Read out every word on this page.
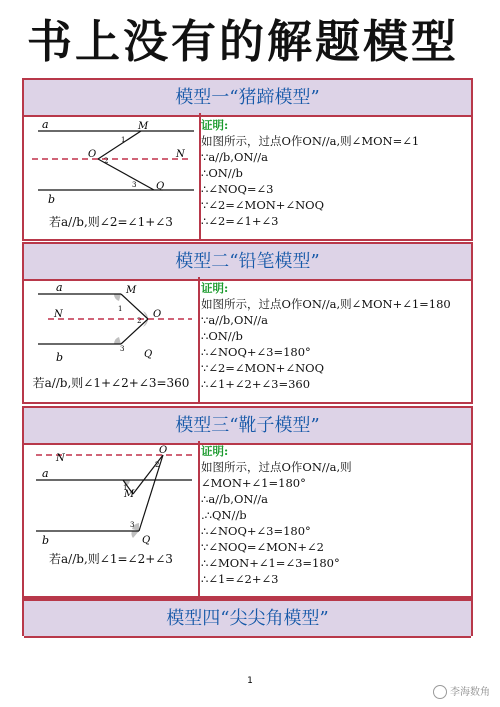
书上没有的解题模型
模型一“猪蹄模型”
a
b
M
N
O
Q
1
2
3
若a//b,则∠2=∠1+∠3
证明:
如图所示，过点O作ON//a,则∠MON=∠1
∵a//b,ON//a
∴ON//b
∴∠NOQ=∠3
∵∠2=∠MON+∠NOQ
∴∠2=∠1+∠3
模型二“铅笔模型”
a
b
M
N	O
Q
1
2
3
若a//b,则∠1+∠2+∠3=360
证明:
如图所示，过点O作ON//a,则∠MON+∠1=180
∵a//b,ON//a
∴ON//b
∴∠NOQ+∠3=180°
∵∠2=∠MON+∠NOQ
∴∠1+∠2+∠3=360
模型三“靴子模型”
a
b
M
N
O
Q
1
2
3
若a//b,则∠1=∠2+∠3
证明:
如图所示，过点O作ON//a,则
∠MON+∠1=180°
∴a//b,ON//a
.∴QN//b
∴∠NOQ+∠3=180°
∵∠NOQ=∠MON+∠2
∴∠MON+∠1=∠3=180°
∴∠1=∠2+∠3
模型四“尖尖角模型”
1
李海数角
